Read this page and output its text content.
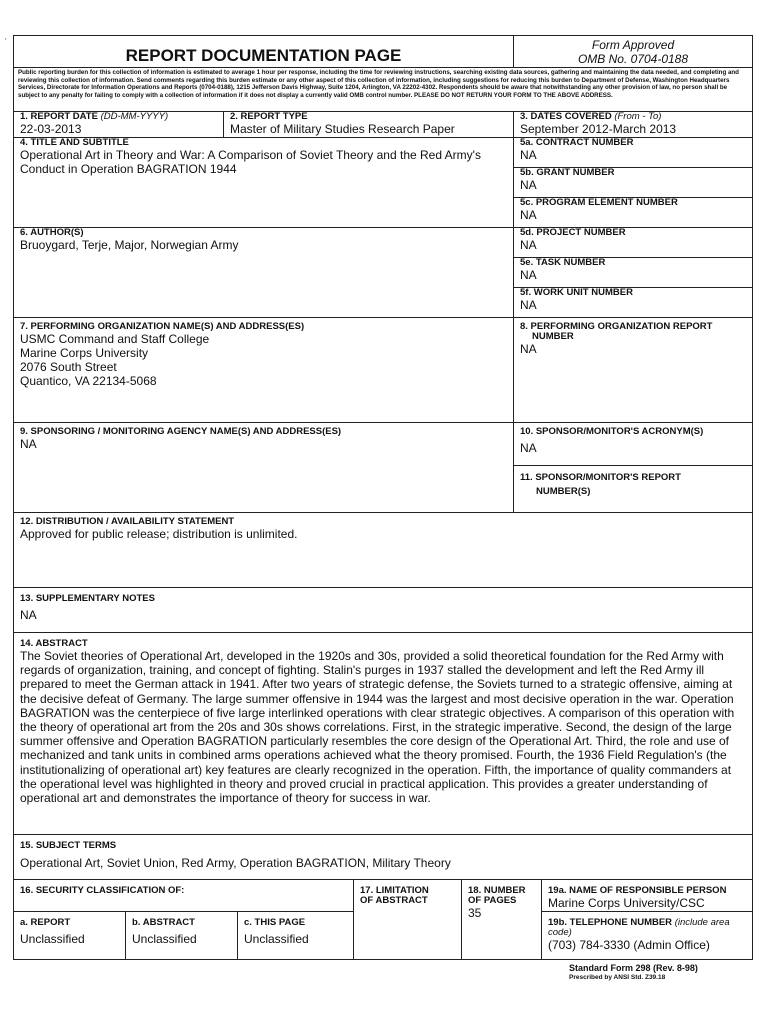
'
REPORT DOCUMENTATION PAGE
Form Approved
OMB No. 0704-0188
Public reporting burden for this collection of information is estimated to average 1 hour per response, including the time for reviewing instructions, searching existing data sources, gathering and maintaining the data needed, and completing and reviewing this collection of information. Send comments regarding this burden estimate or any other aspect of this collection of information, including suggestions for reducing this burden to Department of Defense, Washington Headquarters Services, Directorate for Information Operations and Reports (0704-0188), 1215 Jefferson Davis Highway, Suite 1204, Arlington, VA 22202-4302. Respondents should be aware that notwithstanding any other provision of law, no person shall be subject to any penalty for failing to comply with a collection of information if it does not display a currently valid OMB control number. PLEASE DO NOT RETURN YOUR FORM TO THE ABOVE ADDRESS.
1. REPORT DATE (DD-MM-YYYY)
22-03-2013
2. REPORT TYPE
Master of Military Studies Research Paper
3. DATES COVERED (From - To)
September 2012-March 2013
4. TITLE AND SUBTITLE
Operational Art in Theory and War: A Comparison of Soviet Theory and the Red Army's Conduct in Operation BAGRATION 1944
6. AUTHOR(S)
Bruoygard, Terje, Major, Norwegian Army
5a. CONTRACT NUMBER
NA
5b. GRANT NUMBER
NA
5c. PROGRAM ELEMENT NUMBER
NA
5d. PROJECT NUMBER
NA
5e. TASK NUMBER
NA
5f. WORK UNIT NUMBER
NA
7. PERFORMING ORGANIZATION NAME(S) AND ADDRESS(ES)
USMC Command and Staff College
Marine Corps University
2076 South Street
Quantico, VA 22134-5068
8. PERFORMING ORGANIZATION REPORT
NUMBER
NA
9. SPONSORING / MONITORING AGENCY NAME(S) AND ADDRESS(ES)
NA
10. SPONSOR/MONITOR'S ACRONYM(S)
NA
11. SPONSOR/MONITOR'S REPORT
NUMBER(S)
12. DISTRIBUTION / AVAILABILITY STATEMENT
Approved for public release; distribution is unlimited.
13. SUPPLEMENTARY NOTES
NA
14. ABSTRACT
The Soviet theories of Operational Art, developed in the 1920s and 30s, provided a solid theoretical foundation for the Red Army with regards of organization, training, and concept of fighting. Stalin's purges in 1937 stalled the development and left the Red Army ill prepared to meet the German attack in 1941. After two years of strategic defense, the Soviets turned to a strategic offensive, aiming at the decisive defeat of Germany. The large summer offensive in 1944 was the largest and most decisive operation in the war. Operation BAGRATION was the centerpiece of five large interlinked operations with clear strategic objectives. A comparison of this operation with the theory of operational art from the 20s and 30s shows correlations. First, in the strategic imperative. Second, the design of the large summer offensive and Operation BAGRATION particularly resembles the core design of the Operational Art. Third, the role and use of mechanized and tank units in combined arms operations achieved what the theory promised. Fourth, the 1936 Field Regulation's (the institutionalizing of operational art) key features are clearly recognized in the operation. Fifth, the importance of quality commanders at the operational level was highlighted in theory and proved crucial in practical application. This provides a greater understanding of operational art and demonstrates the importance of theory for success in war.
15. SUBJECT TERMS
Operational Art, Soviet Union, Red Army, Operation BAGRATION, Military Theory
16. SECURITY CLASSIFICATION OF:	17. LIMITATION
OF ABSTRACT
18. NUMBER
OF PAGES
35
19a. NAME OF RESPONSIBLE PERSON
Marine Corps University/CSC
a. REPORT
Unclassified
b. ABSTRACT
Unclassified
c. THIS PAGE
Unclassified
19b. TELEPHONE NUMBER (include area
code)
(703) 784-3330 (Admin Office)
Standard Form 298 (Rev. 8-98)
Prescribed by ANSI Std. Z39.18
